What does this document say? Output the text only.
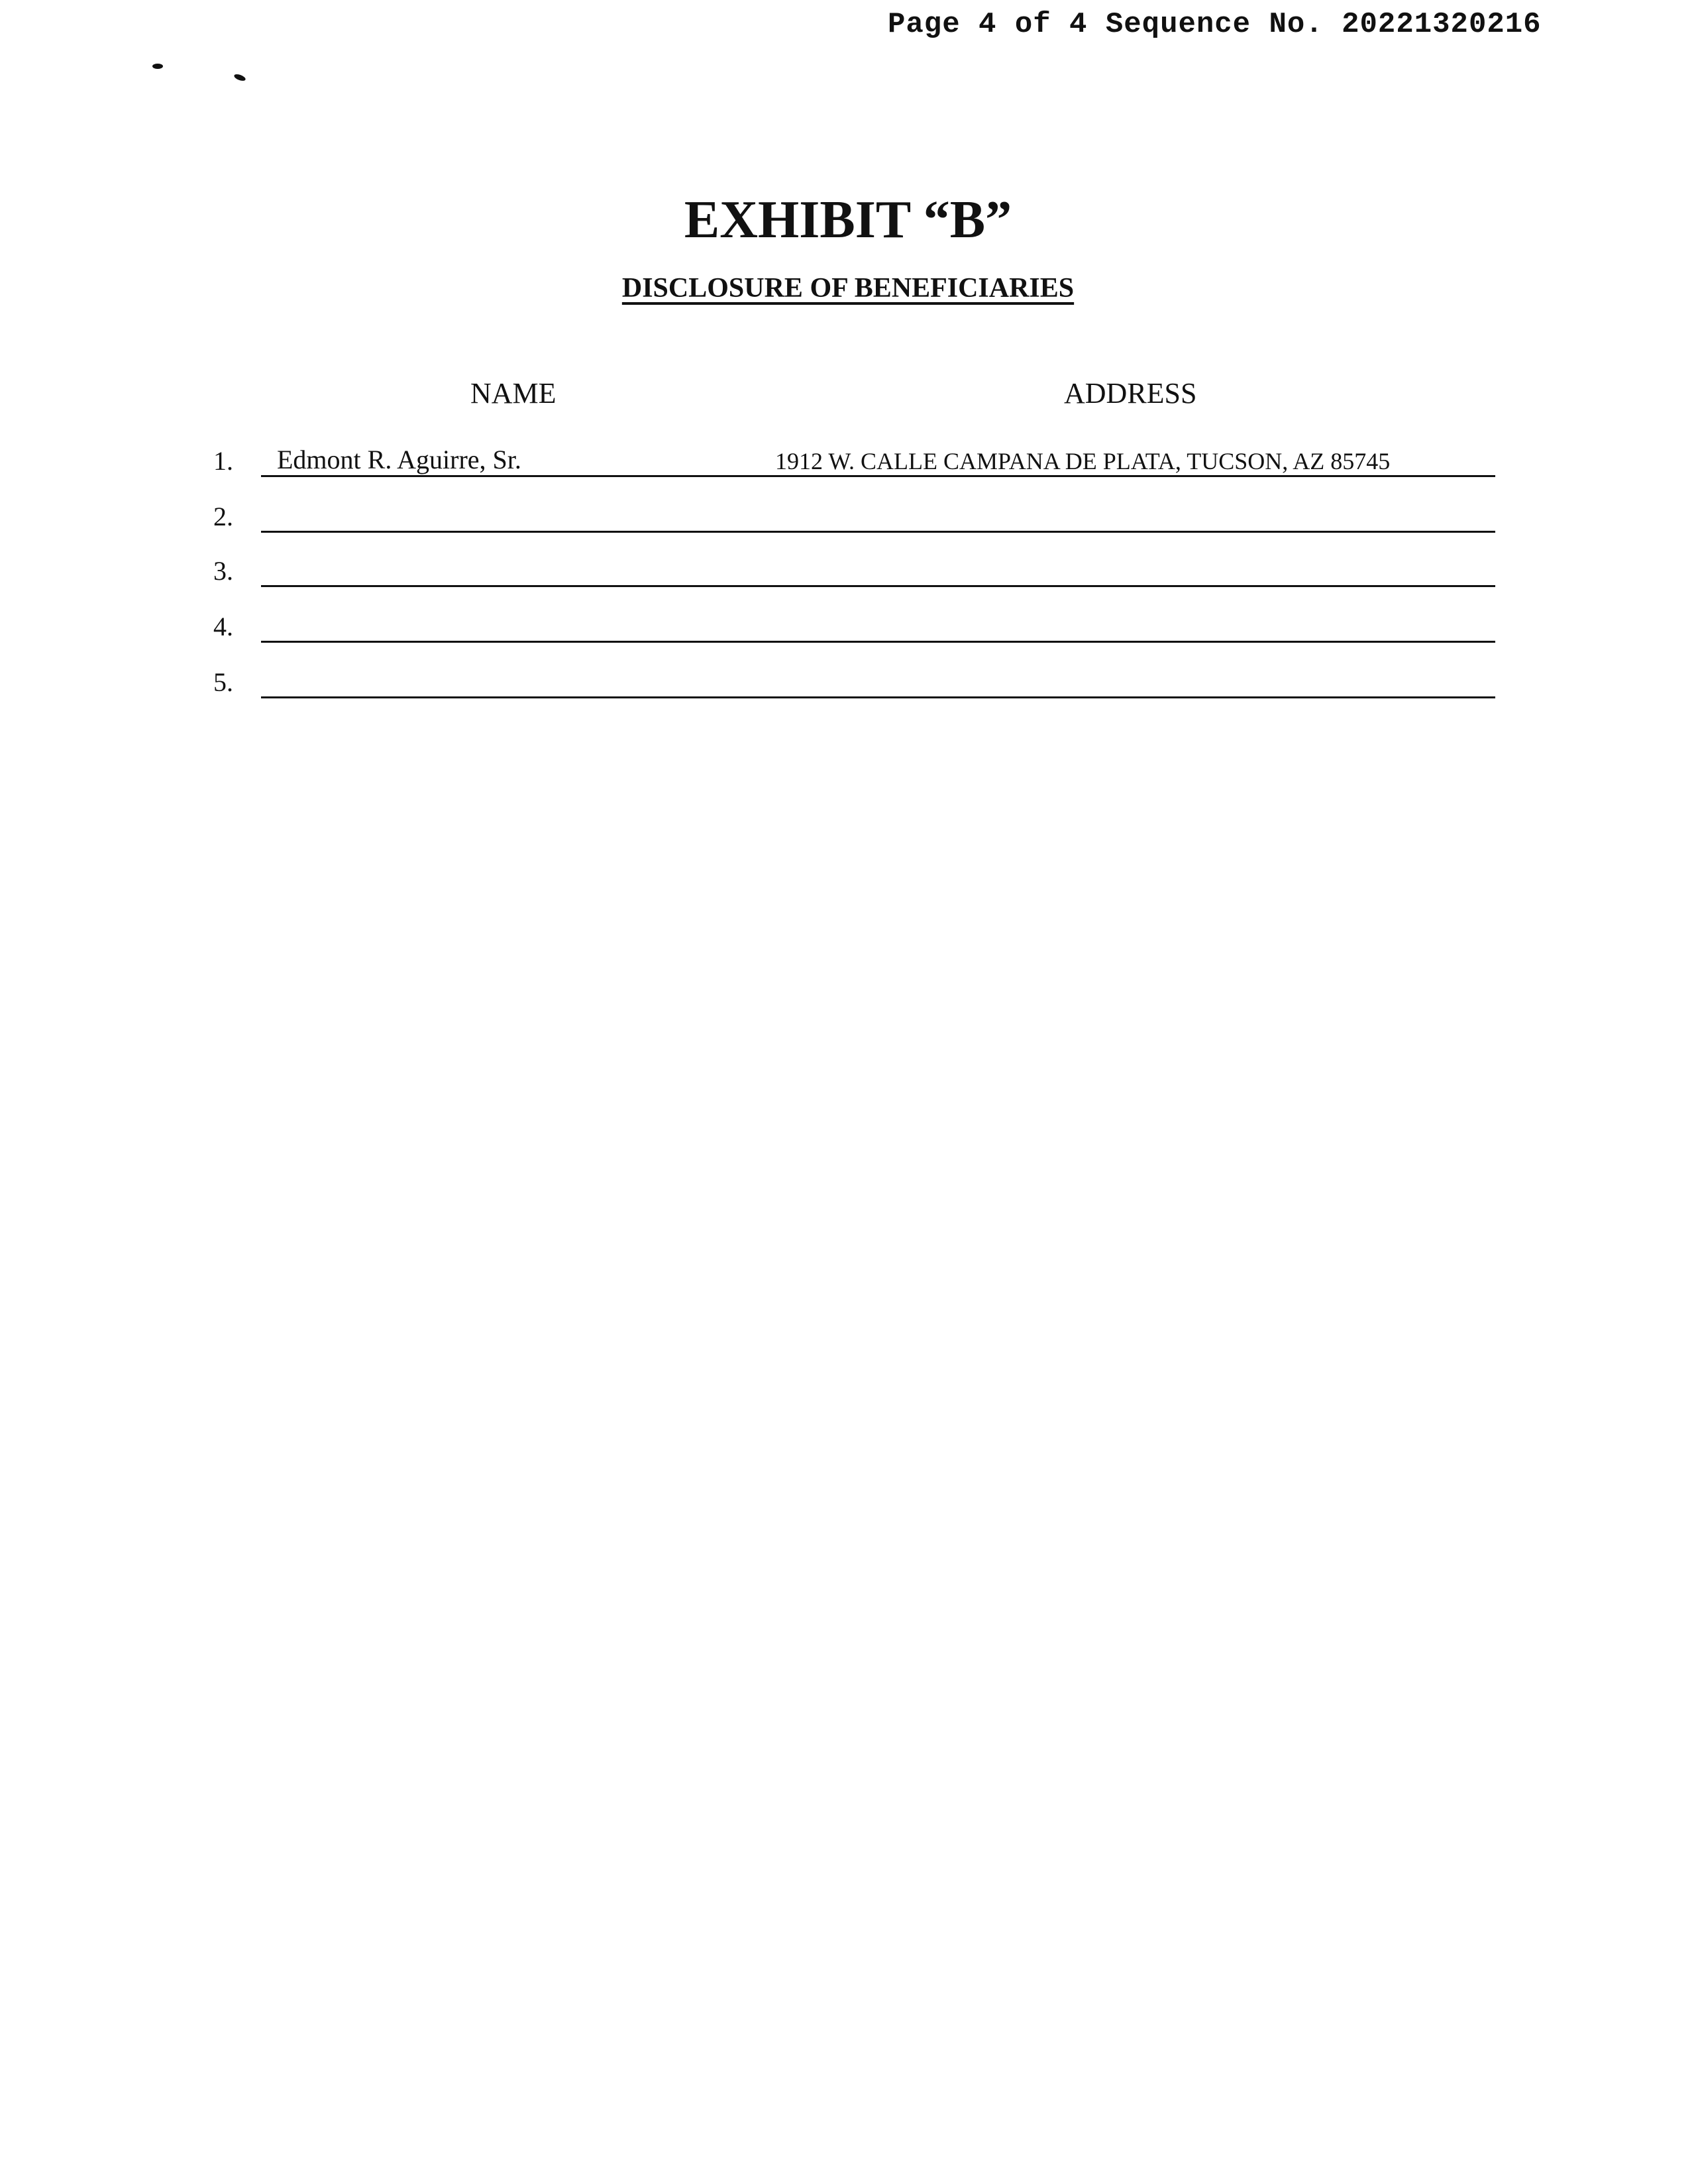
Page 4 of 4 Sequence No. 20221320216
EXHIBIT “B”
DISCLOSURE OF BENEFICIARIES
NAME	ADDRESS
1. Edmont R. Aguirre, Sr.	1912 W. CALLE CAMPANA DE PLATA, TUCSON, AZ 85745
2.
3.
4.
5.
